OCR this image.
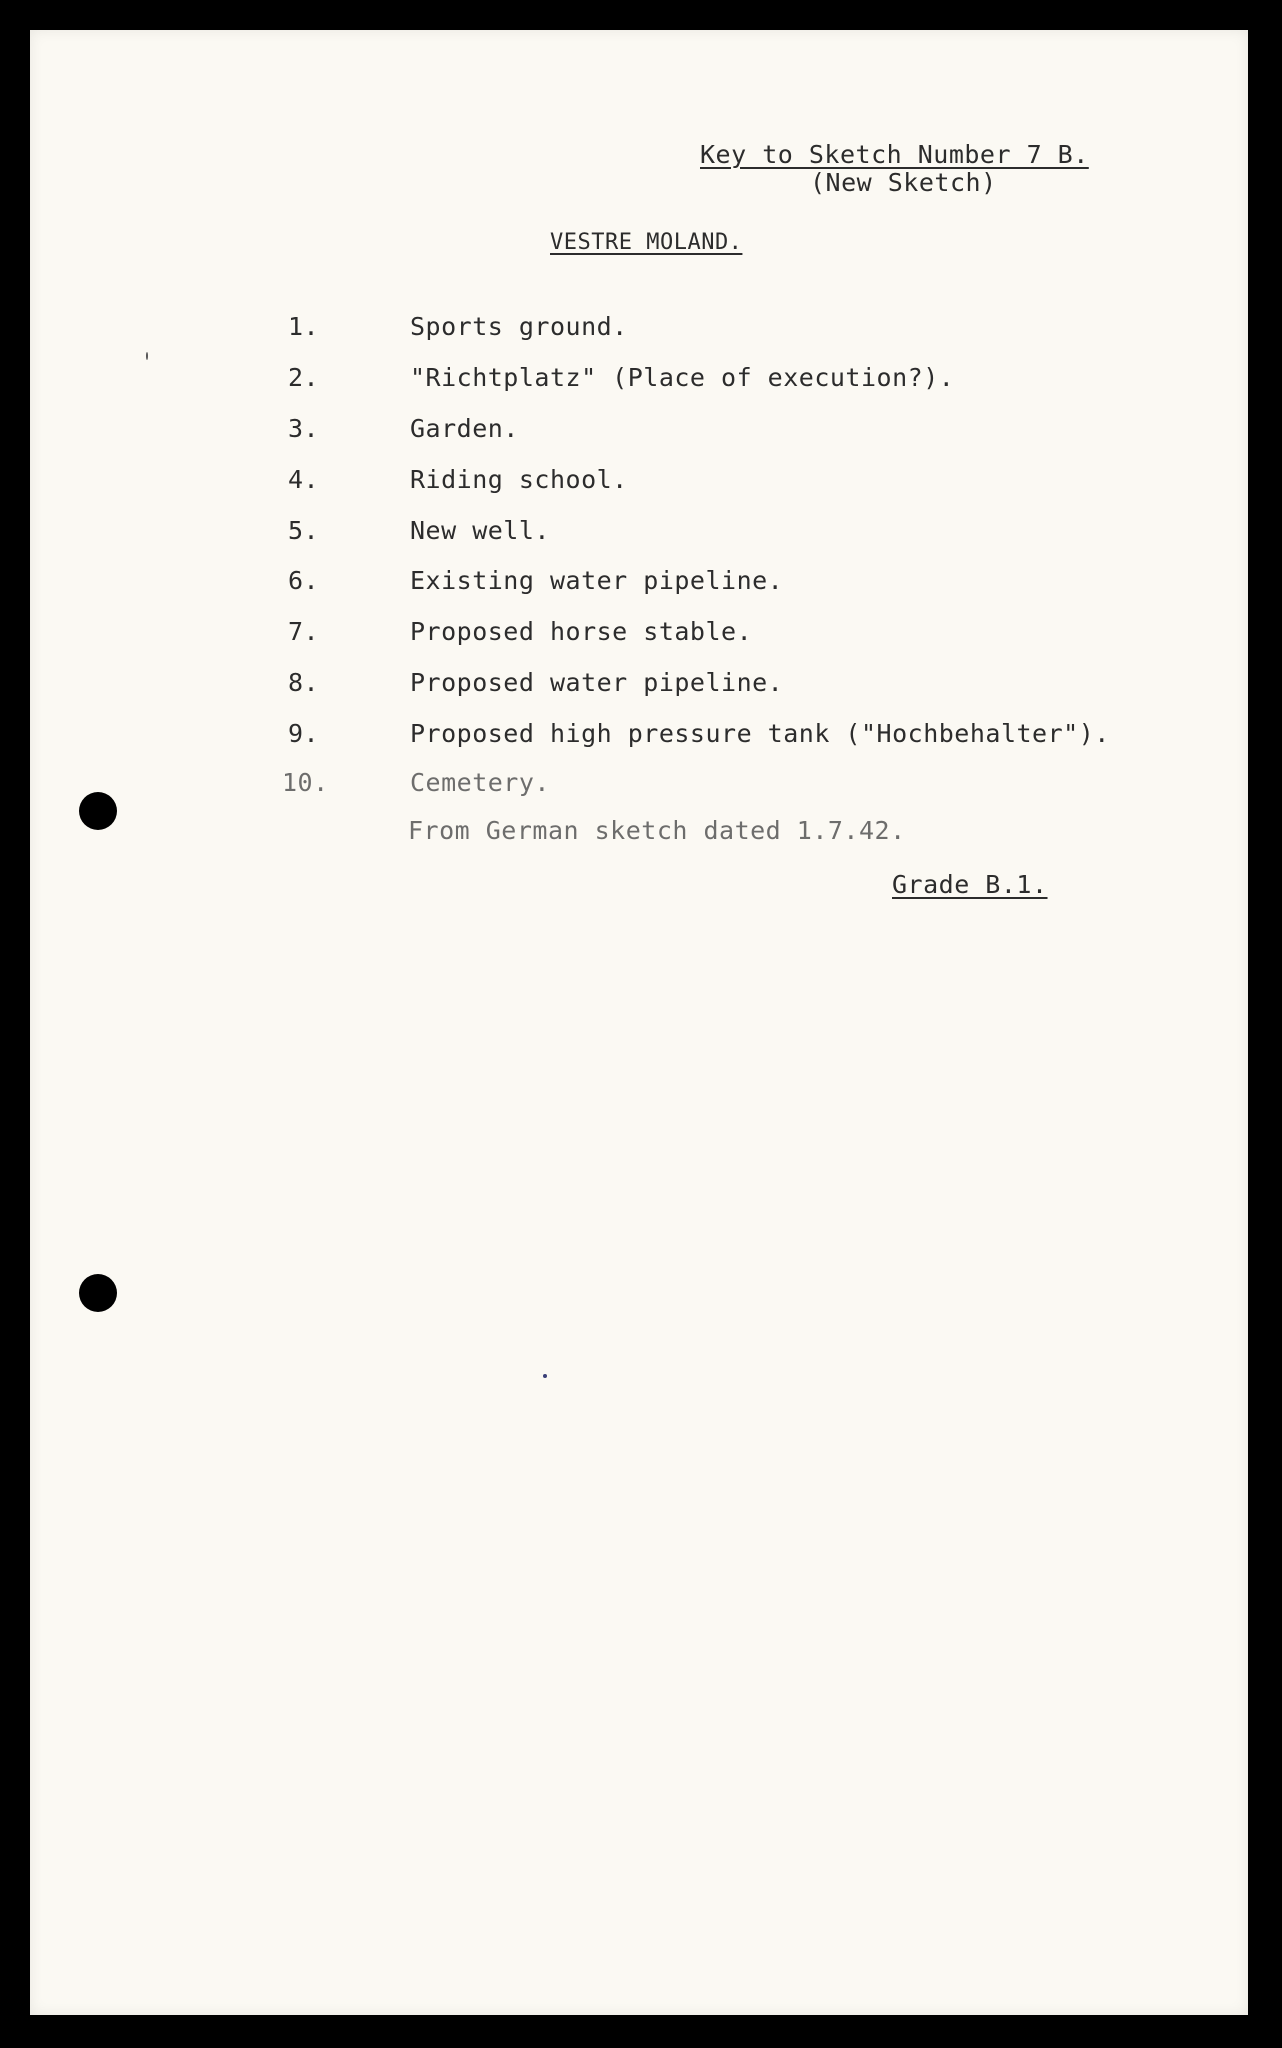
Key to Sketch Number 7 B.
(New Sketch)
VESTRE MOLAND.
1.	Sports ground.
2.	"Richtplatz" (Place of execution?).
3.	Garden.
4.	Riding school.
5.	New well.
6.	Existing water pipeline.
7.	Proposed horse stable.
8.	Proposed water pipeline.
9.	Proposed high pressure tank ("Hochbehalter").
10.	Cemetery.
From German sketch dated 1.7.42.
Grade B.1.
